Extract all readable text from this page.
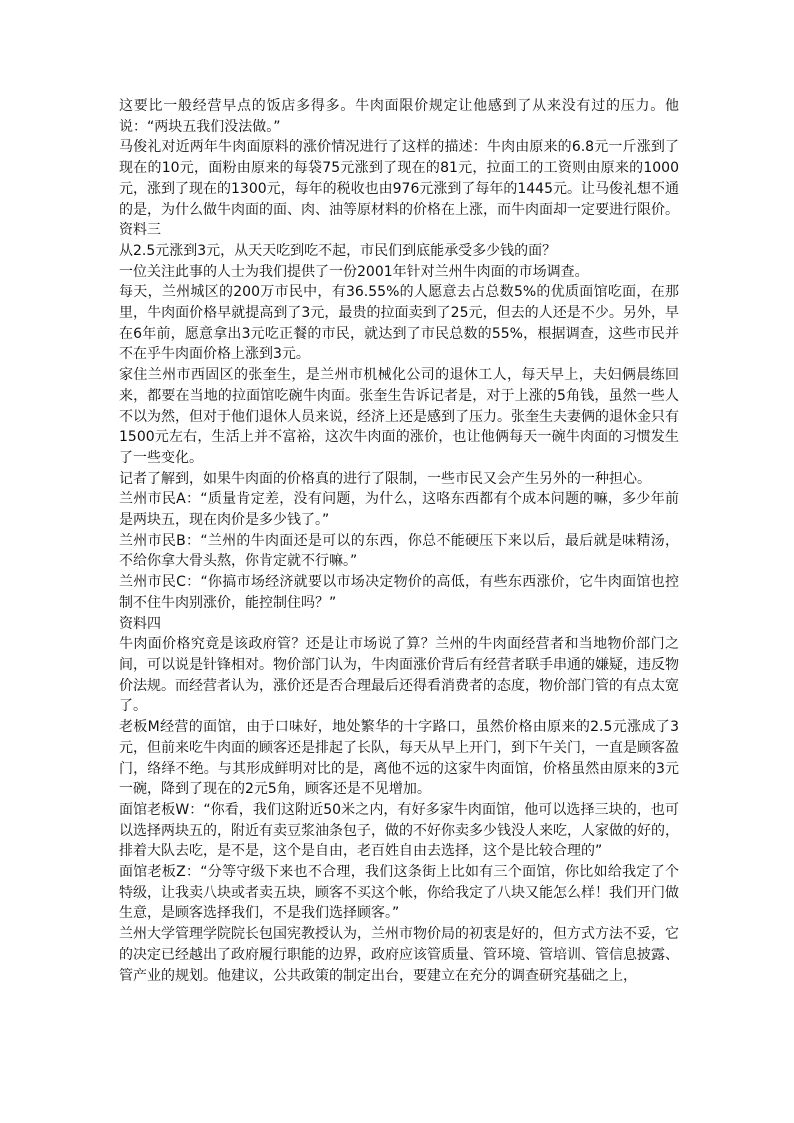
这要比一般经营早点的饭店多得多。牛肉面限价规定让他感到了从来没有过的压力。他说：“两块五我们没法做。”

马俊礼对近两年牛肉面原料的涨价情况进行了这样的描述：牛肉由原来的6.8元一斤涨到了现在的10元，面粉由原来的每袋75元涨到了现在的81元，拉面工的工资则由原来的1000元，涨到了现在的1300元，每年的税收也由976元涨到了每年的1445元。让马俊礼想不通的是，为什么做牛肉面的面、肉、油等原材料的价格在上涨，而牛肉面却一定要进行限价。

资料三

从2.5元涨到3元，从天天吃到吃不起，市民们到底能承受多少钱的面？

一位关注此事的人士为我们提供了一份2001年针对兰州牛肉面的市场调查。

每天，兰州城区的200万市民中，有36.55%的人愿意去占总数5%的优质面馆吃面，在那里，牛肉面价格早就提高到了3元，最贵的拉面卖到了25元，但去的人还是不少。另外，早在6年前，愿意拿出3元吃正餐的市民，就达到了市民总数的55%，根据调查，这些市民并不在乎牛肉面价格上涨到3元。

家住兰州市西固区的张奎生，是兰州市机械化公司的退休工人，每天早上，夫妇俩晨练回来，都要在当地的拉面馆吃碗牛肉面。张奎生告诉记者是，对于上涨的5角钱，虽然一些人不以为然，但对于他们退休人员来说，经济上还是感到了压力。张奎生夫妻俩的退休金只有1500元左右，生活上并不富裕，这次牛肉面的涨价，也让他俩每天一碗牛肉面的习惯发生了一些变化。

记者了解到，如果牛肉面的价格真的进行了限制，一些市民又会产生另外的一种担心。

兰州市民A：“质量肯定差，没有问题，为什么，这咯东西都有个成本问题的嘛，多少年前是两块五，现在肉价是多少钱了。”

兰州市民B：“兰州的牛肉面还是可以的东西，你总不能硬压下来以后，最后就是味精汤，不给你拿大骨头熬，你肯定就不行嘛。”

兰州市民C：“你搞市场经济就要以市场决定物价的高低，有些东西涨价，它牛肉面馆也控制不住牛肉别涨价，能控制住吗？”

资料四

牛肉面价格究竟是该政府管？还是让市场说了算？兰州的牛肉面经营者和当地物价部门之间，可以说是针锋相对。物价部门认为，牛肉面涨价背后有经营者联手串通的嫌疑，违反物价法规。而经营者认为，涨价还是否合理最后还得看消费者的态度，物价部门管的有点太宽了。

老板M经营的面馆，由于口味好，地处繁华的十字路口，虽然价格由原来的2.5元涨成了3元，但前来吃牛肉面的顾客还是排起了长队，每天从早上开门，到下午关门，一直是顾客盈门，络绎不绝。与其形成鲜明对比的是，离他不远的这家牛肉面馆，价格虽然由原来的3元一碗，降到了现在的2元5角，顾客还是不见增加。

面馆老板W：“你看，我们这附近50米之内，有好多家牛肉面馆，他可以选择三块的，也可以选择两块五的，附近有卖豆浆油条包子，做的不好你卖多少钱没人来吃，人家做的好的，排着大队去吃，是不是，这个是自由，老百姓自由去选择，这个是比较合理的”

面馆老板Z：“分等守级下来也不合理，我们这条街上比如有三个面馆，你比如给我定了个特级，让我卖八块或者卖五块，顾客不买这个帐，你给我定了八块又能怎么样！我们开门做生意，是顾客选择我们，不是我们选择顾客。”

兰州大学管理学院院长包国宪教授认为，兰州市物价局的初衷是好的，但方式方法不妥，它的决定已经越出了政府履行职能的边界，政府应该管质量、管环境、管培训、管信息披露、管产业的规划。他建议，公共政策的制定出台，要建立在充分的调查研究基础之上，
